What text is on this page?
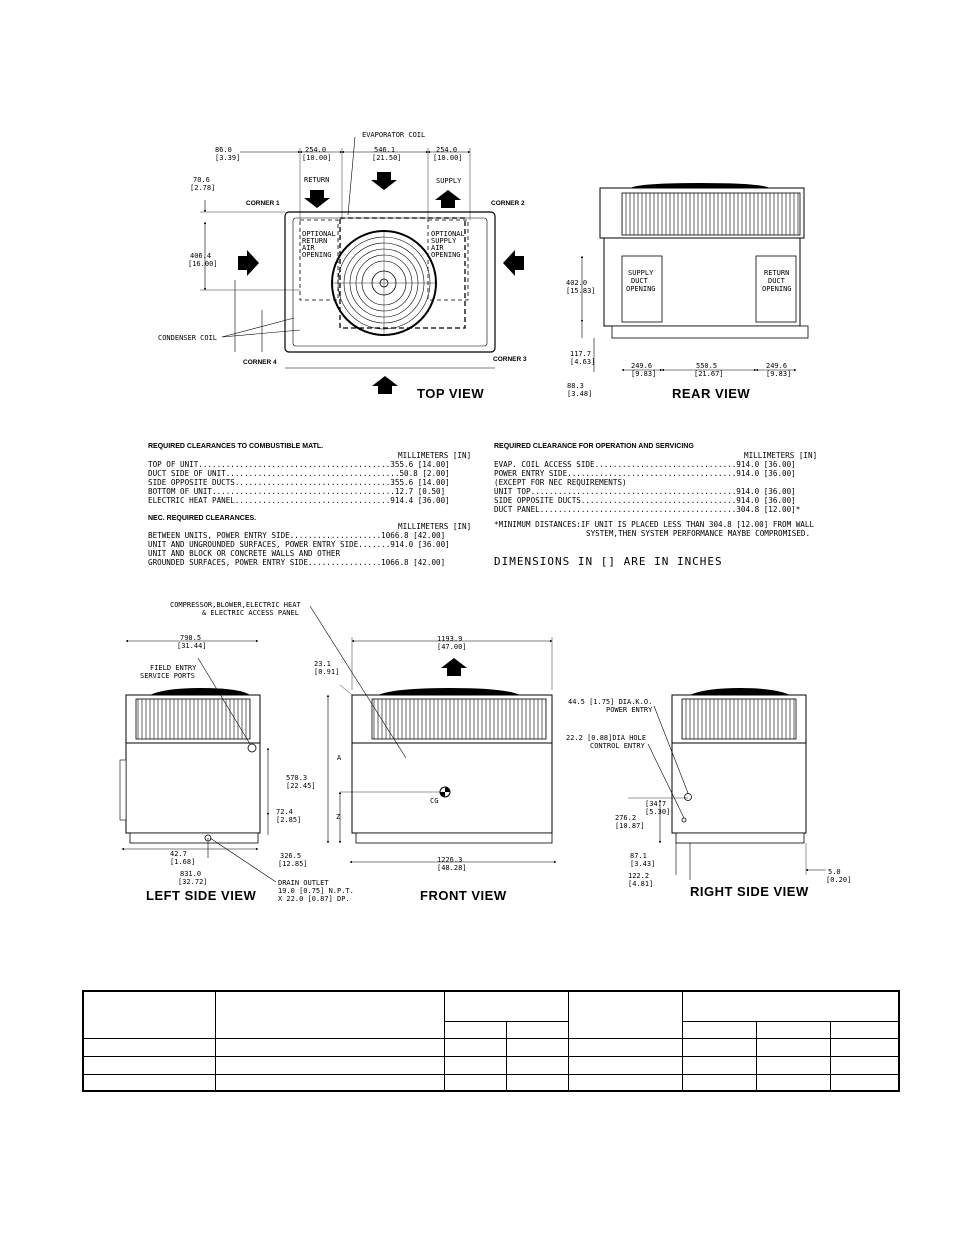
EVAPORATOR COIL
CONDENSER COIL
RETURN	SUPPLY
CORNER 1	CORNER 2
CORNER 3
CORNER 4
OPTIONAL
RETURN
AIR
OPENING
OPTIONAL
SUPPLY
AIR
OPENING
86.0
[3.39]
254.0
[10.00]
546.1
[21.50]
254.0
[10.00]
70.6
[2.78]
406.4
[16.00]
TOP VIEW
SUPPLY
DUCT
OPENING
RETURN
DUCT
OPENING
402.0
[15.83]
117.7
[4.63]
88.3
[3.48]
249.6
[9.83]
550.5
[21.67]
249.6
[9.83]
REAR VIEW
REQUIRED CLEARANCES TO COMBUSTIBLE MATL.
MILLIMETERS [IN]
TOP OF UNIT..........................................355.6 [14.00]
DUCT SIDE OF UNIT......................................50.8 [2.00]
SIDE OPPOSITE DUCTS..................................355.6 [14.00]
BOTTOM OF UNIT........................................12.7 [0.50]
ELECTRIC HEAT PANEL..................................914.4 [36.00]
NEC. REQUIRED CLEARANCES.
MILLIMETERS [IN]
BETWEEN UNITS, POWER ENTRY SIDE....................1066.8 [42.00]
UNIT AND UNGROUNDED SURFACES, POWER ENTRY SIDE.......914.0 [36.00]
UNIT AND BLOCK OR CONCRETE WALLS AND OTHER
GROUNDED SURFACES, POWER ENTRY SIDE................1066.8 [42.00]
REQUIRED CLEARANCE FOR OPERATION AND SERVICING
MILLIMETERS [IN]
EVAP. COIL ACCESS SIDE...............................914.0 [36.00]
POWER ENTRY SIDE.....................................914.0 [36.00]
(EXCEPT FOR NEC REQUIREMENTS)
UNIT TOP.............................................914.0 [36.00]
SIDE OPPOSITE DUCTS..................................914.0 [36.00]
DUCT PANEL...........................................304.8 [12.00]*
*MINIMUM DISTANCES:IF UNIT IS PLACED LESS THAN 304.8 [12.00] FROM WALL
SYSTEM,THEN SYSTEM PERFORMANCE MAYBE COMPROMISED.
DIMENSIONS IN [] ARE IN INCHES
798.5
[31.44]
FIELD ENTRY
SERVICE PORTS
570.3
[22.45]
72.4
[2.85]
42.7
[1.68]
326.5
[12.85]
831.0
[32.72]	DRAIN OUTLET
19.0 [0.75] N.P.T.
X 22.0 [0.87] DP.
LEFT SIDE VIEW
COMPRESSOR,BLOWER,ELECTRIC HEAT
& ELECTRIC ACCESS PANEL
23.1
[0.91]
1193.9
[47.00]
1226.3
[48.28]
CG
A
Z
FRONT VIEW
44.5 [1.75] DIA.K.O.
POWER ENTRY
22.2 [0.88]DIA HOLE
CONTROL ENTRY
[34.7
[5.30]
276.2
[10.87]
87.1
[3.43]
122.2
[4.81]
5.0
[0.20]
RIGHT SIDE VIEW
